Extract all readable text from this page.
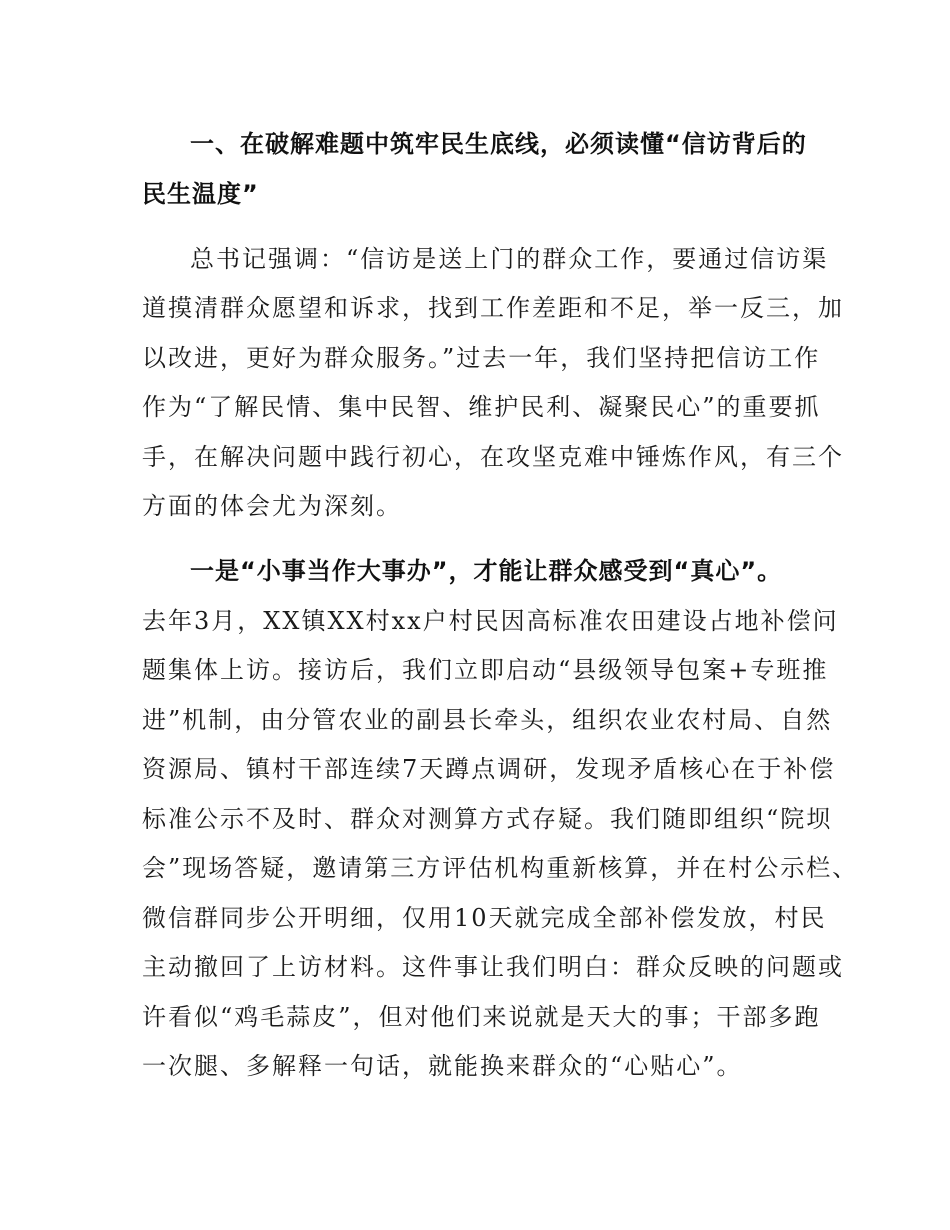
一、在破解难题中筑牢民生底线，必须读懂“信访背后的
民生温度”
总书记强调：“信访是送上门的群众工作，要通过信访渠
道摸清群众愿望和诉求，找到工作差距和不足，举一反三，加
以改进，更好为群众服务。”过去一年，我们坚持把信访工作
作为“了解民情、集中民智、维护民利、凝聚民心”的重要抓
手，在解决问题中践行初心，在攻坚克难中锤炼作风，有三个
方面的体会尤为深刻。
一是“小事当作大事办”，才能让群众感受到“真心”。
去年3月，XX镇XX村xx户村民因高标准农田建设占地补偿问
题集体上访。接访后，我们立即启动“县级领导包案+专班推
进”机制，由分管农业的副县长牵头，组织农业农村局、自然
资源局、镇村干部连续7天蹲点调研，发现矛盾核心在于补偿
标准公示不及时、群众对测算方式存疑。我们随即组织“院坝
会”现场答疑，邀请第三方评估机构重新核算，并在村公示栏、
微信群同步公开明细，仅用10天就完成全部补偿发放，村民
主动撤回了上访材料。这件事让我们明白：群众反映的问题或
许看似“鸡毛蒜皮”，但对他们来说就是天大的事；干部多跑
一次腿、多解释一句话，就能换来群众的“心贴心”。
